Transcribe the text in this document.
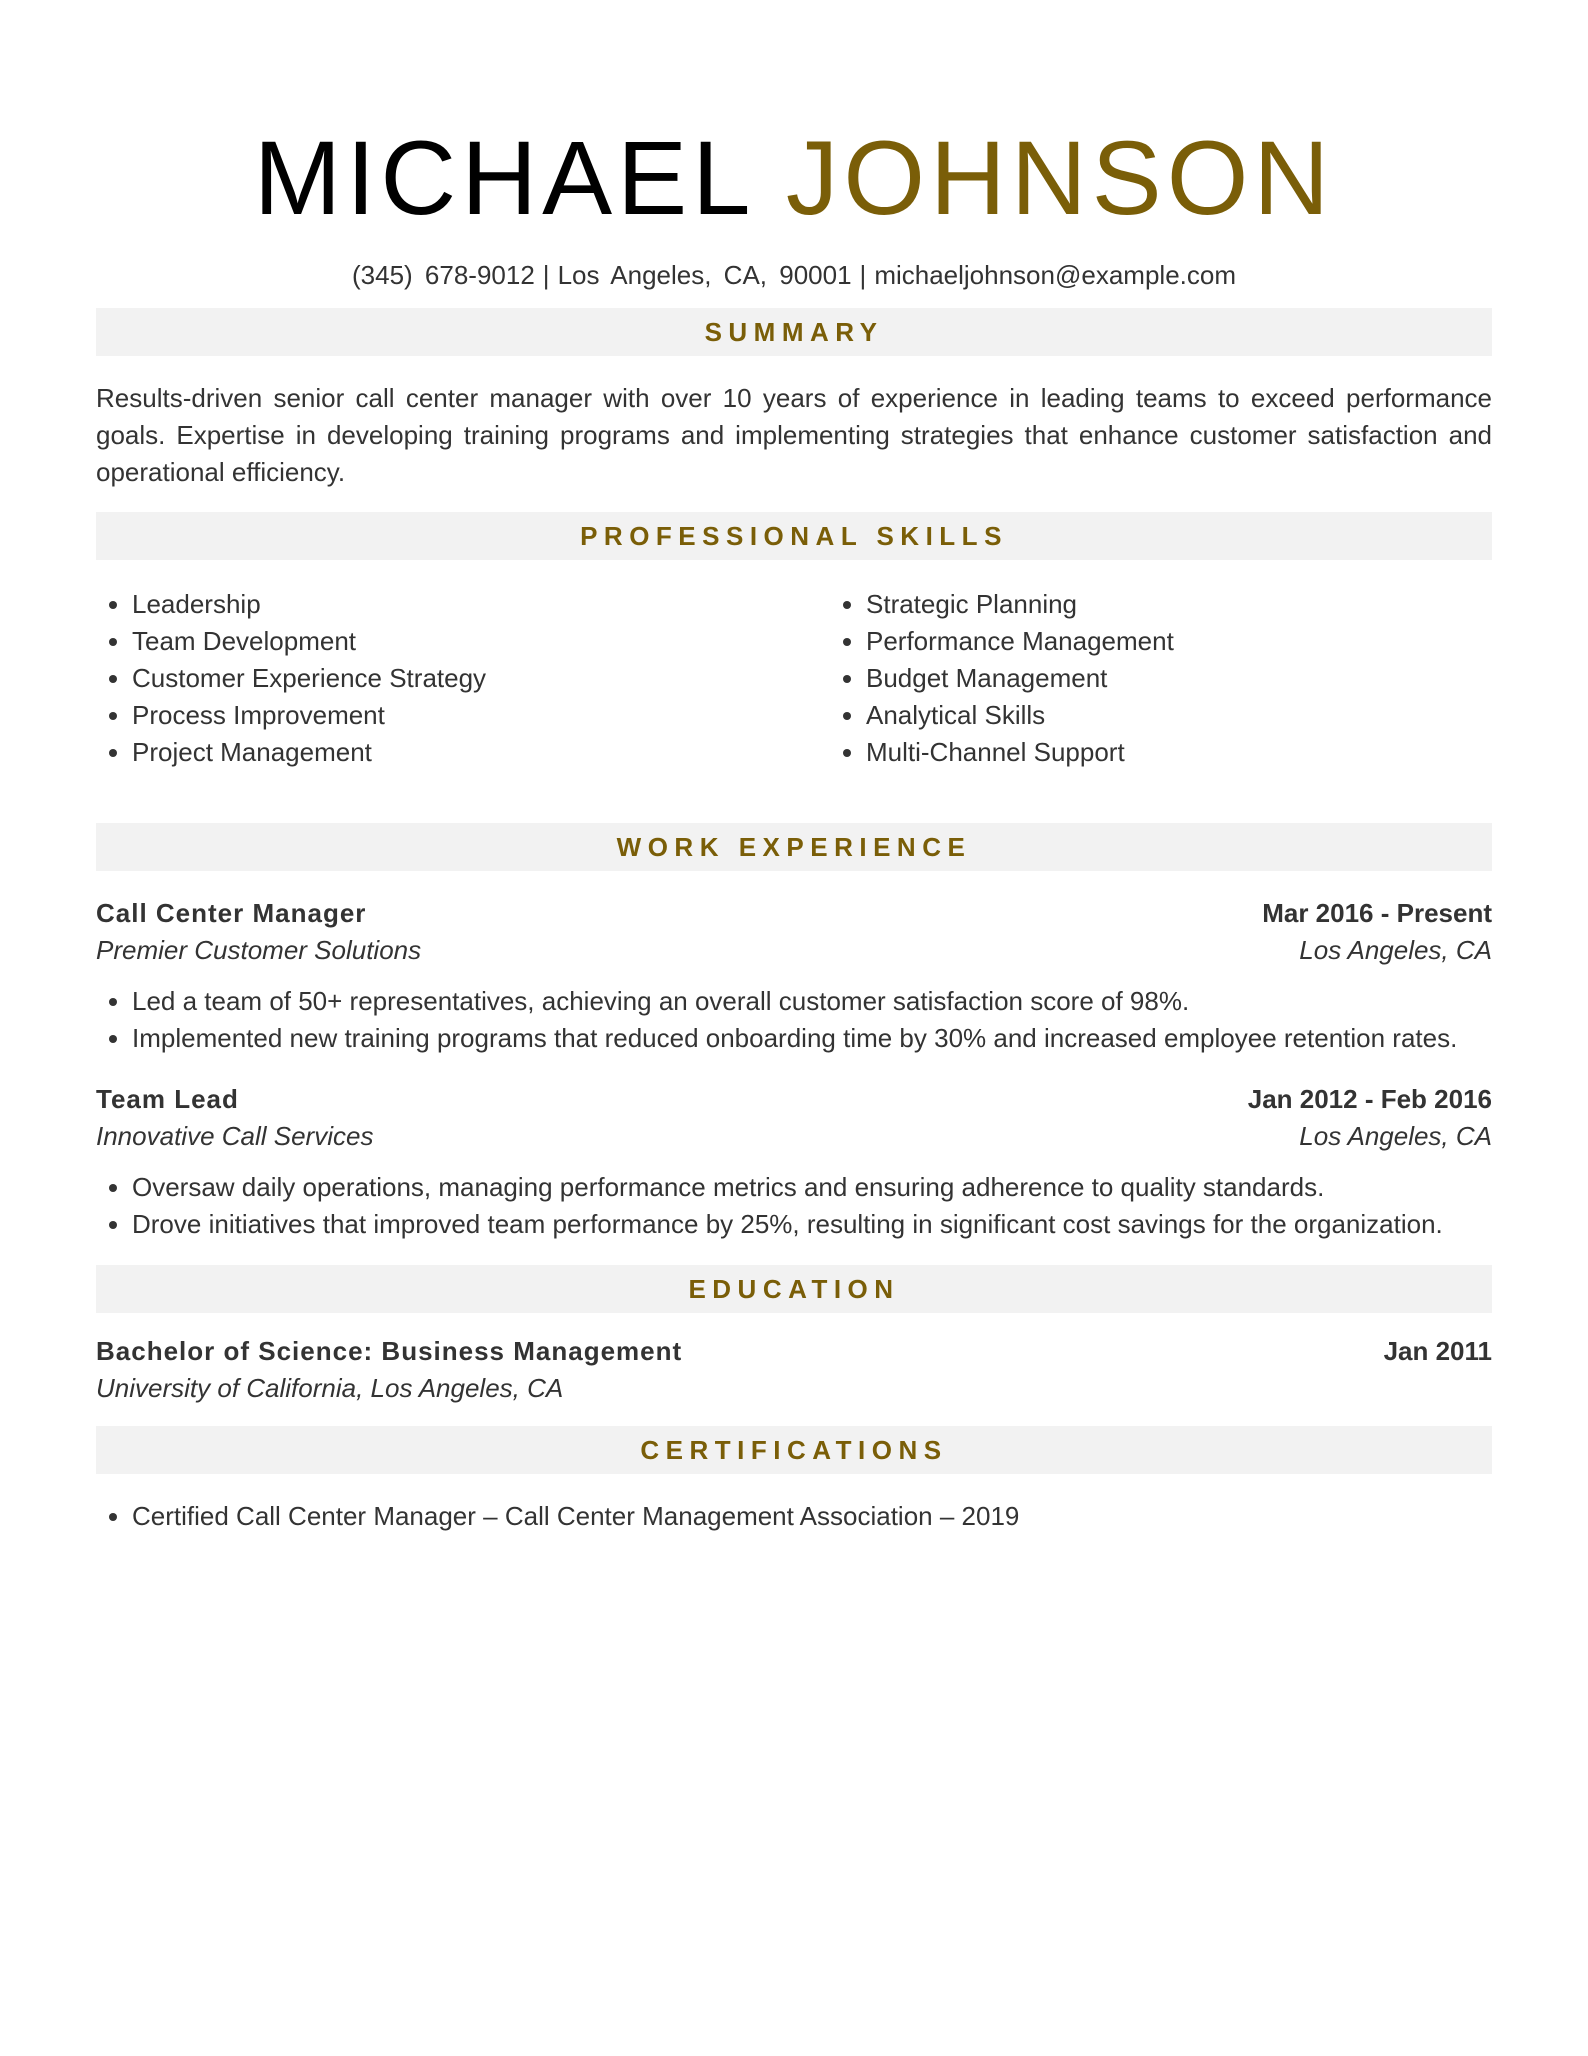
MICHAEL JOHNSON
(345) 678-9012 | Los Angeles, CA, 90001 | michaeljohnson@example.com
SUMMARY

Results-driven senior call center manager with over 10 years of experience in leading teams to exceed performance goals. Expertise in developing training programs and implementing strategies that enhance customer satisfaction and operational efficiency.

PROFESSIONAL SKILLS
• Leadership
• Team Development
• Customer Experience Strategy
• Process Improvement
• Project Management
• Strategic Planning
• Performance Management
• Budget Management
• Analytical Skills
• Multi-Channel Support
WORK EXPERIENCE
Call Center Manager	Mar 2016 - Present
Premier Customer Solutions	Los Angeles, CA
• Led a team of 50+ representatives, achieving an overall customer satisfaction score of 98%.
• Implemented new training programs that reduced onboarding time by 30% and increased employee retention rates.
Team Lead	Jan 2012 - Feb 2016
Innovative Call Services	Los Angeles, CA
• Oversaw daily operations, managing performance metrics and ensuring adherence to quality standards.
• Drove initiatives that improved team performance by 25%, resulting in significant cost savings for the organization.
EDUCATION
Bachelor of Science: Business Management	Jan 2011
University of California, Los Angeles, CA
CERTIFICATIONS
• Certified Call Center Manager – Call Center Management Association – 2019
